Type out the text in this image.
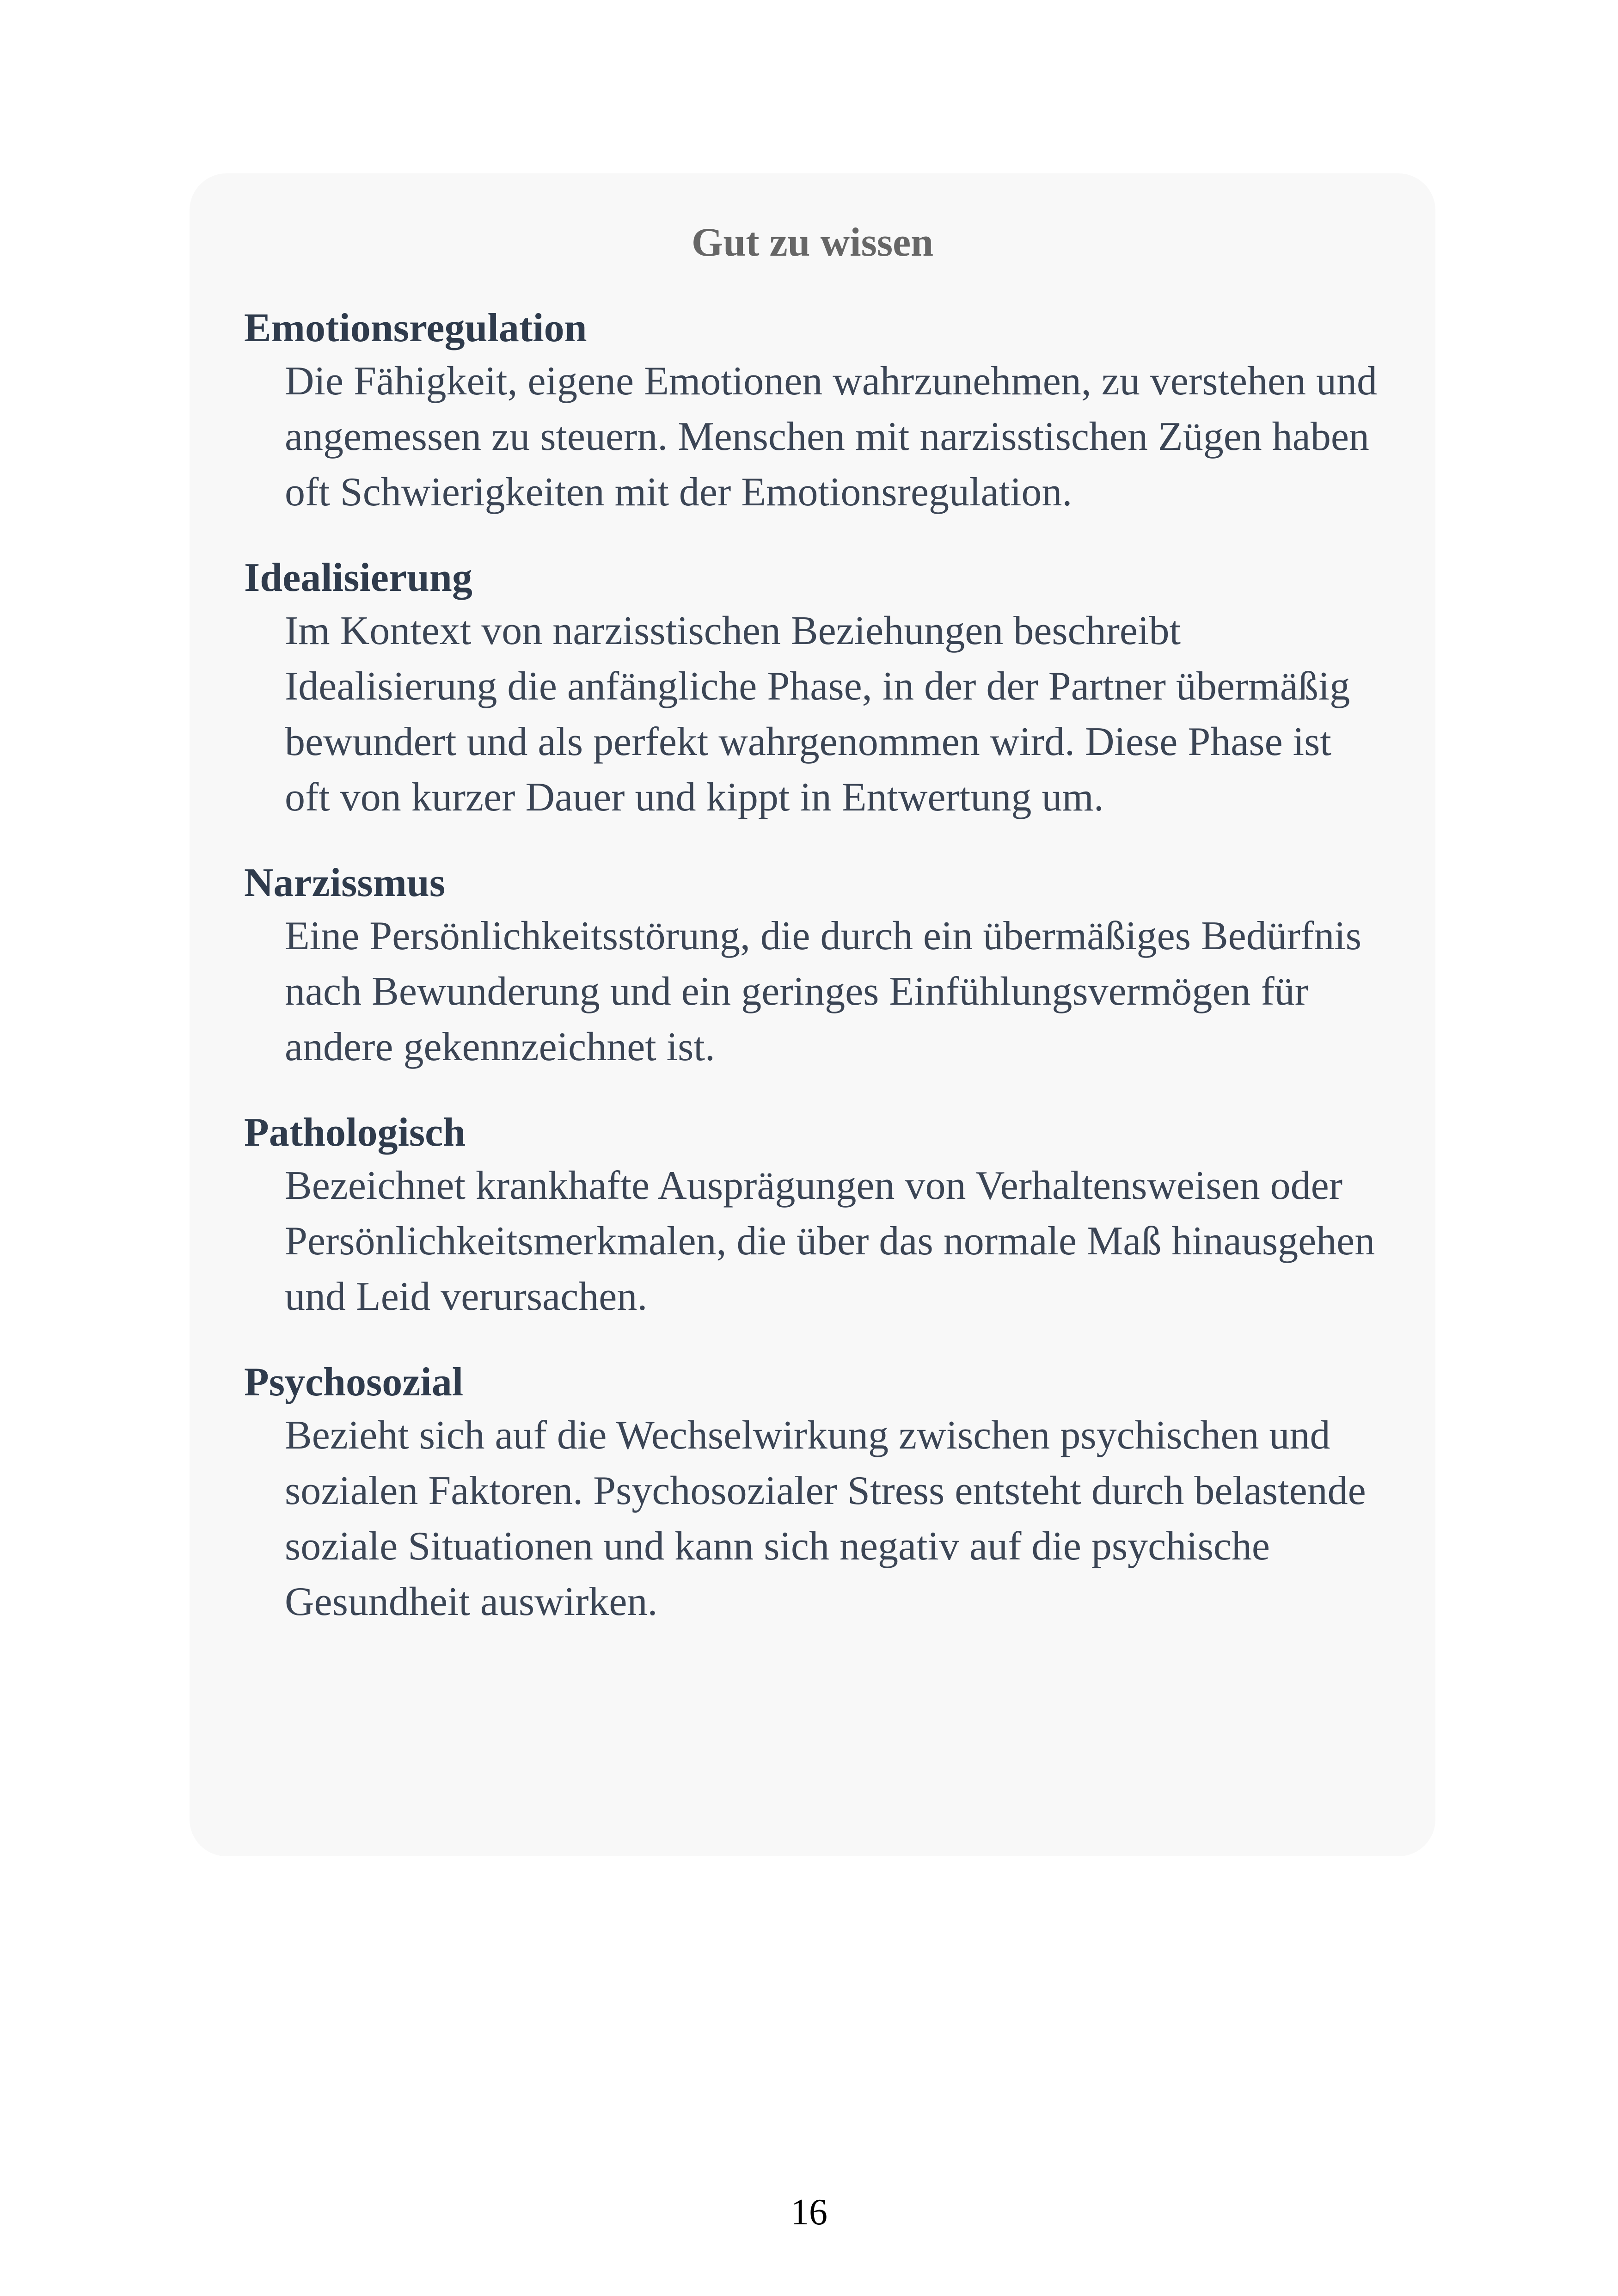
Gut zu wissen
Emotionsregulation
Die Fähigkeit, eigene Emotionen wahrzunehmen, zu verstehen und angemessen zu steuern. Menschen mit narzisstischen Zügen haben oft Schwierigkeiten mit der Emotionsregulation.
Idealisierung
Im Kontext von narzisstischen Beziehungen beschreibt Idealisierung die anfängliche Phase, in der der Partner übermäßig bewundert und als perfekt wahrgenommen wird. Diese Phase ist oft von kurzer Dauer und kippt in Entwertung um.
Narzissmus
Eine Persönlichkeitsstörung, die durch ein übermäßiges Bedürfnis nach Bewunderung und ein geringes Einfühlungsvermögen für andere gekennzeichnet ist.
Pathologisch
Bezeichnet krankhafte Ausprägungen von Verhaltensweisen oder Persönlichkeitsmerkmalen, die über das normale Maß hinausgehen und Leid verursachen.
Psychosozial
Bezieht sich auf die Wechselwirkung zwischen psychischen und sozialen Faktoren. Psychosozialer Stress entsteht durch belastende soziale Situationen und kann sich negativ auf die psychische Gesundheit auswirken.
16
